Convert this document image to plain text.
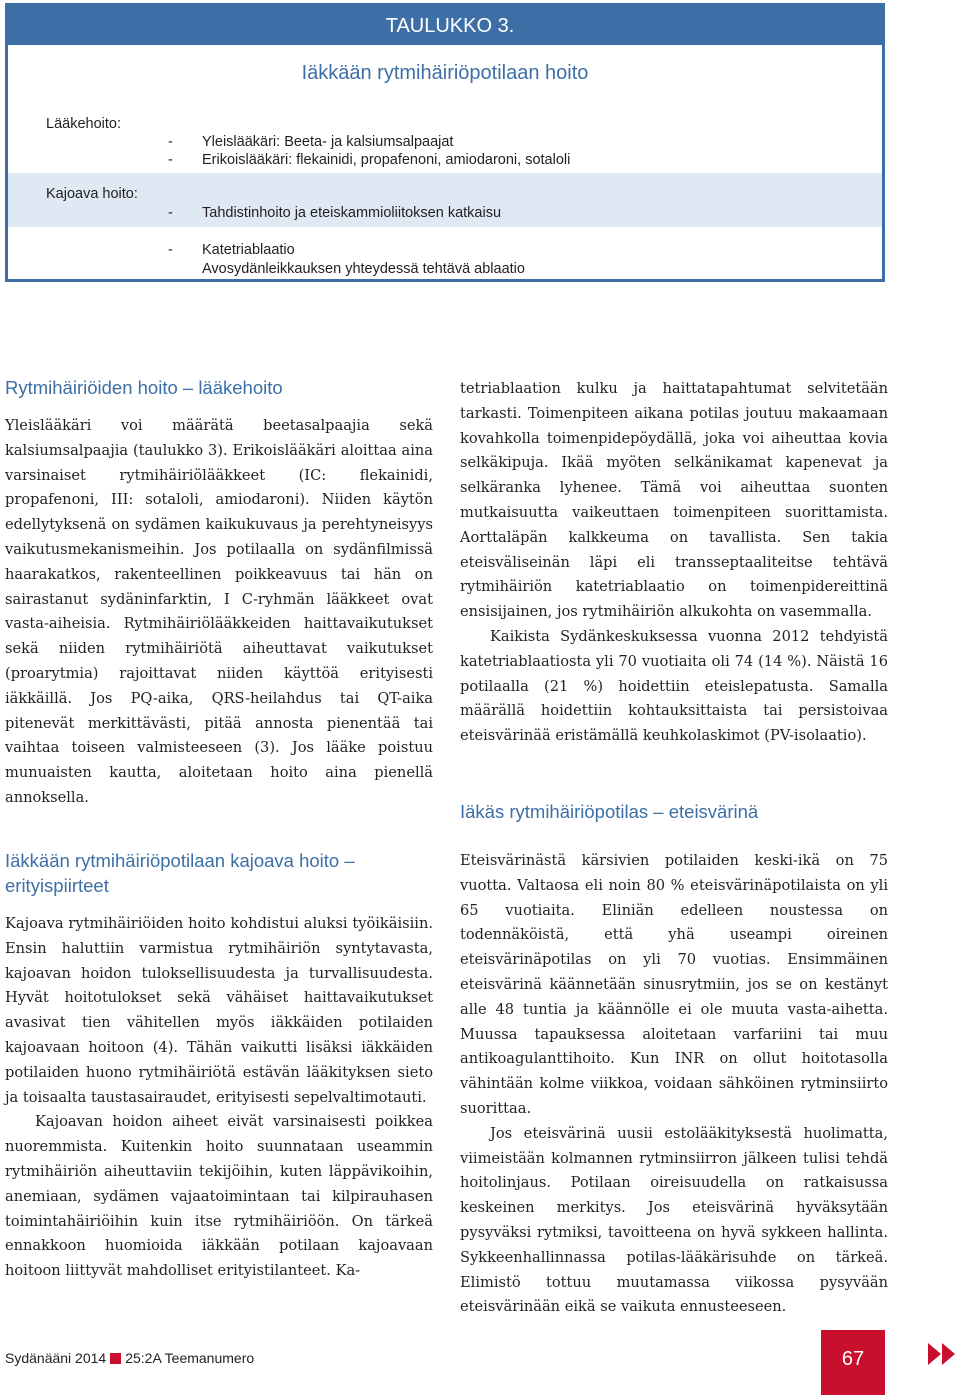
TAULUKKO 3.
Iäkkään rytmihäiriöpotilaan hoito
Lääkehoito:
- Yleislääkäri: Beeta- ja kalsiumsalpaajat
- Erikoislääkäri: flekainidi, propafenoni, amiodaroni, sotaloli
Kajoava hoito:
- Tahdistinhoito ja eteiskammioliitoksen katkaisu
- Katetriablaatio
Avosydänleikkauksen yhteydessä tehtävä ablaatio
Rytmihäiriöiden hoito – lääkehoito
Yleislääkäri voi määrätä beetasalpaajia sekä kalsiumsalpaajia (taulukko 3). Erikoislääkäri aloittaa aina varsinaiset rytmihäiriölääkkeet (IC: flekainidi, propafenoni, III: sotaloli, amiodaroni). Niiden käytön edellytyksenä on sydämen kaikukuvaus ja perehtyneisyys vaikutusmekanismeihin. Jos potilaalla on sydänfilmissä haarakatkos, rakenteellinen poikkeavuus tai hän on sairastanut sydäninfarktin, I C-ryhmän lääkkeet ovat vasta-aiheisia. Rytmihäiriölääkkeiden haittavaikutukset sekä niiden rytmihäiriötä aiheuttavat vaikutukset (proarytmia) rajoittavat niiden käyttöä erityisesti iäkkäillä. Jos PQ-aika, QRS-heilahdus tai QT-aika pitenevät merkittävästi, pitää annosta pienentää tai vaihtaa toiseen valmisteeseen (3). Jos lääke poistuu munuaisten kautta, aloitetaan hoito aina pienellä annoksella.
Iäkkään rytmihäiriöpotilaan kajoava hoito – erityispiirteet
Kajoava rytmihäiriöiden hoito kohdistui aluksi työikäisiin. Ensin haluttiin varmistua rytmihäiriön syntytavasta, kajoavan hoidon tuloksellisuudesta ja turvallisuudesta. Hyvät hoitotulokset sekä vähäiset haittavaikutukset avasivat tien vähitellen myös iäkkäiden potilaiden kajoavaan hoitoon (4). Tähän vaikutti lisäksi iäkkäiden potilaiden huono rytmihäiriötä estävän lääkityksen sieto ja toisaalta taustasairaudet, erityisesti sepelvaltimotauti.
Kajoavan hoidon aiheet eivät varsinaisesti poikkea nuoremmista. Kuitenkin hoito suunnataan useammin rytmihäiriön aiheuttaviin tekijöihin, kuten läppävikoihin, anemiaan, sydämen vajaatoimintaan tai kilpirauhasen toimintahäiriöihin kuin itse rytmihäiriöön. On tärkeä ennakkoon huomioida iäkkään potilaan kajoavaan hoitoon liittyvät mahdolliset erityistilanteet. Ka-
tetriablaation kulku ja haittatapahtumat selvitetään tarkasti. Toimenpiteen aikana potilas joutuu makaamaan kovahkolla toimenpidepöydällä, joka voi aiheuttaa kovia selkäkipuja. Ikää myöten selkänikamat kapenevat ja selkäranka lyhenee. Tämä voi aiheuttaa suonten mutkaisuutta vaikeuttaen toimenpiteen suorittamista. Aorttaläpän kalkkeuma on tavallista. Sen takia eteisväliseinän läpi eli transseptaaliteitse tehtävä rytmihäiriön katetriablaatio on toimenpidereittinä ensisijainen, jos rytmihäiriön alkukohta on vasemmalla.
Kaikista Sydänkeskuksessa vuonna 2012 tehdyistä katetriablaatiosta yli 70 vuotiaita oli 74 (14 %). Näistä 16 potilaalla (21 %) hoidettiin eteislepatusta. Samalla määrällä hoidettiin kohtauksittaista tai persistoivaa eteisvärinää eristämällä keuhkolaskimot (PV-isolaatio).
Iäkäs rytmihäiriöpotilas – eteisvärinä
Eteisvärinästä kärsivien potilaiden keski-ikä on 75 vuotta. Valtaosa eli noin 80 % eteisvärinäpotilaista on yli 65 vuotiaita. Eliniän edelleen noustessa on todennäköistä, että yhä useampi oireinen eteisvärinäpotilas on yli 70 vuotias. Ensimmäinen eteisvärinä käännetään sinusrytmiin, jos se on kestänyt alle 48 tuntia ja käännölle ei ole muuta vasta-aihetta. Muussa tapauksessa aloitetaan varfariini tai muu antikoagulanttihoito. Kun INR on ollut hoitotasolla vähintään kolme viikkoa, voidaan sähköinen rytminsiirto suorittaa.
Jos eteisvärinä uusii estolääkityksestä huolimatta, viimeistään kolmannen rytminsiirron jälkeen tulisi tehdä hoitolinjaus. Potilaan oireisuudella on ratkaisussa keskeinen merkitys. Jos eteisvärinä hyväksytään pysyväksi rytmiksi, tavoitteena on hyvä sykkeen hallinta. Sykkeenhallinnassa potilas-lääkärisuhde on tärkeä. Elimistö tottuu muutamassa viikossa pysyvään eteisvärinään eikä se vaikuta ennusteeseen.
Sydänääni 2014 25:2A Teemanumero	67
